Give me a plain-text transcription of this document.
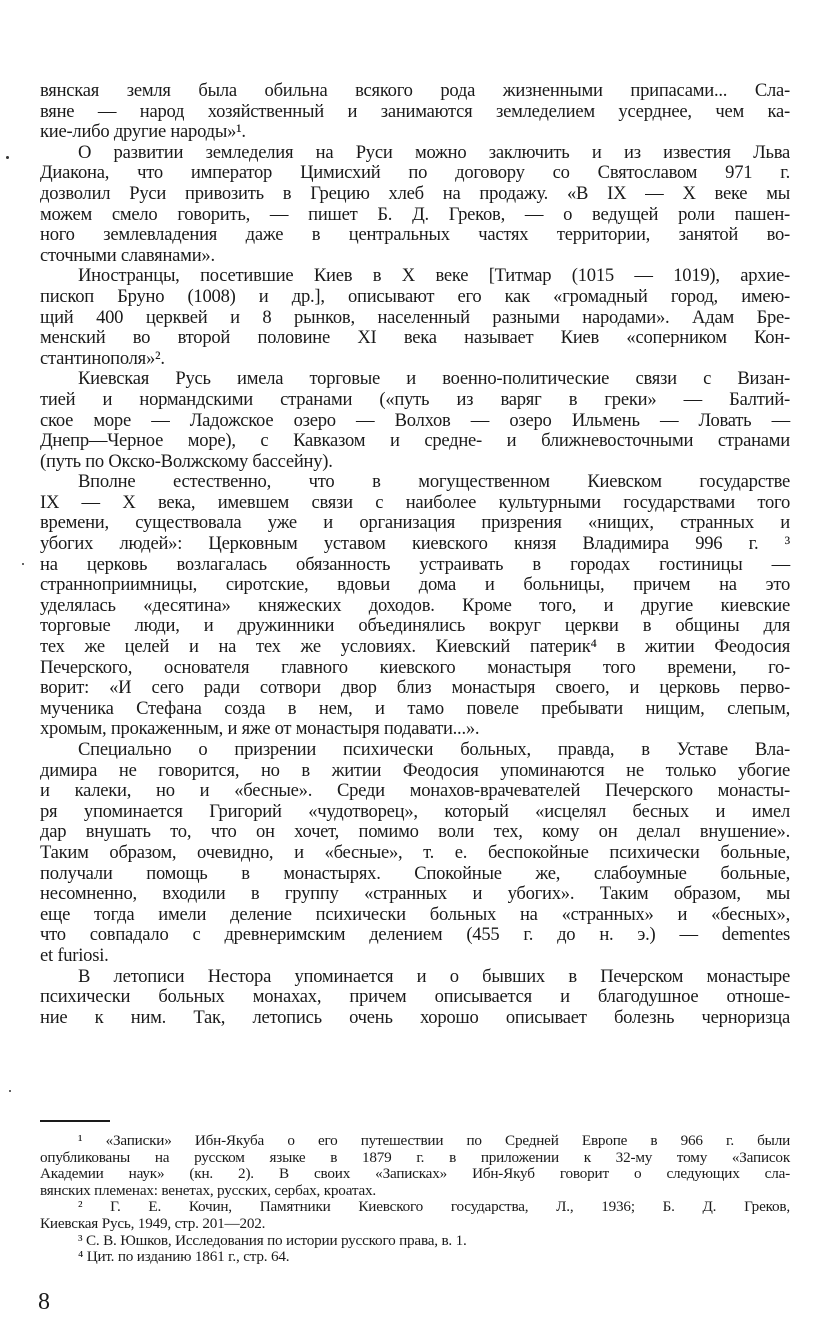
вянская земля была обильна всякого рода жизненными припасами... Сла-
вяне — народ хозяйственный и занимаются земледелием усерднее, чем ка-
кие-либо другие народы»¹.
О развитии земледелия на Руси можно заключить и из известия Льва
Диакона, что император Цимисхий по договору со Святославом 971 г.
дозволил Руси привозить в Грецию хлеб на продажу. «В IX — X веке мы
можем смело говорить, — пишет Б. Д. Греков, — о ведущей роли пашен-
ного землевладения даже в центральных частях территории, занятой во-
сточными славянами».
Иностранцы, посетившие Киев в X веке [Титмар (1015 — 1019), архие-
пископ Бруно (1008) и др.], описывают его как «громадный город, имею-
щий 400 церквей и 8 рынков, населенный разными народами». Адам Бре-
менский во второй половине XI века называет Киев «соперником Кон-
стантинополя»².
Киевская Русь имела торговые и военно-политические связи с Визан-
тией и нормандскими странами («путь из варяг в греки» — Балтий-
ское море — Ладожское озеро — Волхов — озеро Ильмень — Ловать —
Днепр—Черное море), с Кавказом и средне- и ближневосточными странами
(путь по Окско-Волжскому бассейну).
Вполне естественно, что в могущественном Киевском государстве
IX — X века, имевшем связи с наиболее культурными государствами того
времени, существовала уже и организация призрения «нищих, странных и
убогих людей»: Церковным уставом киевского князя Владимира 996 г. ³
на церковь возлагалась обязанность устраивать в городах гостиницы —
страннoприимницы, сиротские, вдовьи дома и больницы, причем на это
уделялась «десятина» княжеских доходов. Кроме того, и другие киевские
торговые люди, и дружинники объединялись вокруг церкви в общины для
тех же целей и на тех же условиях. Киевский патерик⁴ в житии Феодосия
Печерского, основателя главного киевского монастыря того времени, го-
ворит: «И сего ради сотвори двор близ монастыря своего, и церковь перво-
мученика Стефана созда в нем, и тамо повеле пребывати нищим, слепым,
хромым, прокаженным, и яже от монастыря подавати...».
Специально о призрении психически больных, правда, в Уставе Вла-
димира не говорится, но в житии Феодосия упоминаются не только убогие
и калеки, но и «бесные». Среди монахов-врачевателей Печерского монасты-
ря упоминается Григорий «чудотворец», который «исцелял бесных и имел
дар внушать то, что он хочет, помимо воли тех, кому он делал внушение».
Таким образом, очевидно, и «бесные», т. е. беспокойные психически больные,
получали помощь в монастырях. Спокойные же, слабоумные больные,
несомненно, входили в группу «странных и убогих». Таким образом, мы
еще тогда имели деление психически больных на «странных» и «бесных»,
что совпадало с древнеримским делением (455 г. до н. э.) — dementes
et furiosi.
В летописи Нестора упоминается и о бывших в Печерском монастыре
психически больных монахах, причем описывается и благодушное отноше-
ние к ним. Так, летопись очень хорошо описывает болезнь черноризца
¹ «Записки» Ибн-Якуба о его путешествии по Средней Европе в 966 г. были
опубликованы на русском языке в 1879 г. в приложении к 32-му тому «Записок
Академии наук» (кн. 2). В своих «Записках» Ибн-Якуб говорит о следующих сла-
вянских племенах: венетах, русских, сербах, кроатах.
² Г. Е. Кочин, Памятники Киевского государства, Л., 1936; Б. Д. Греков,
Киевская Русь, 1949, стр. 201—202.
³ С. В. Юшков, Исследования по истории русского права, в. 1.
⁴ Цит. по изданию 1861 г., стр. 64.
8
